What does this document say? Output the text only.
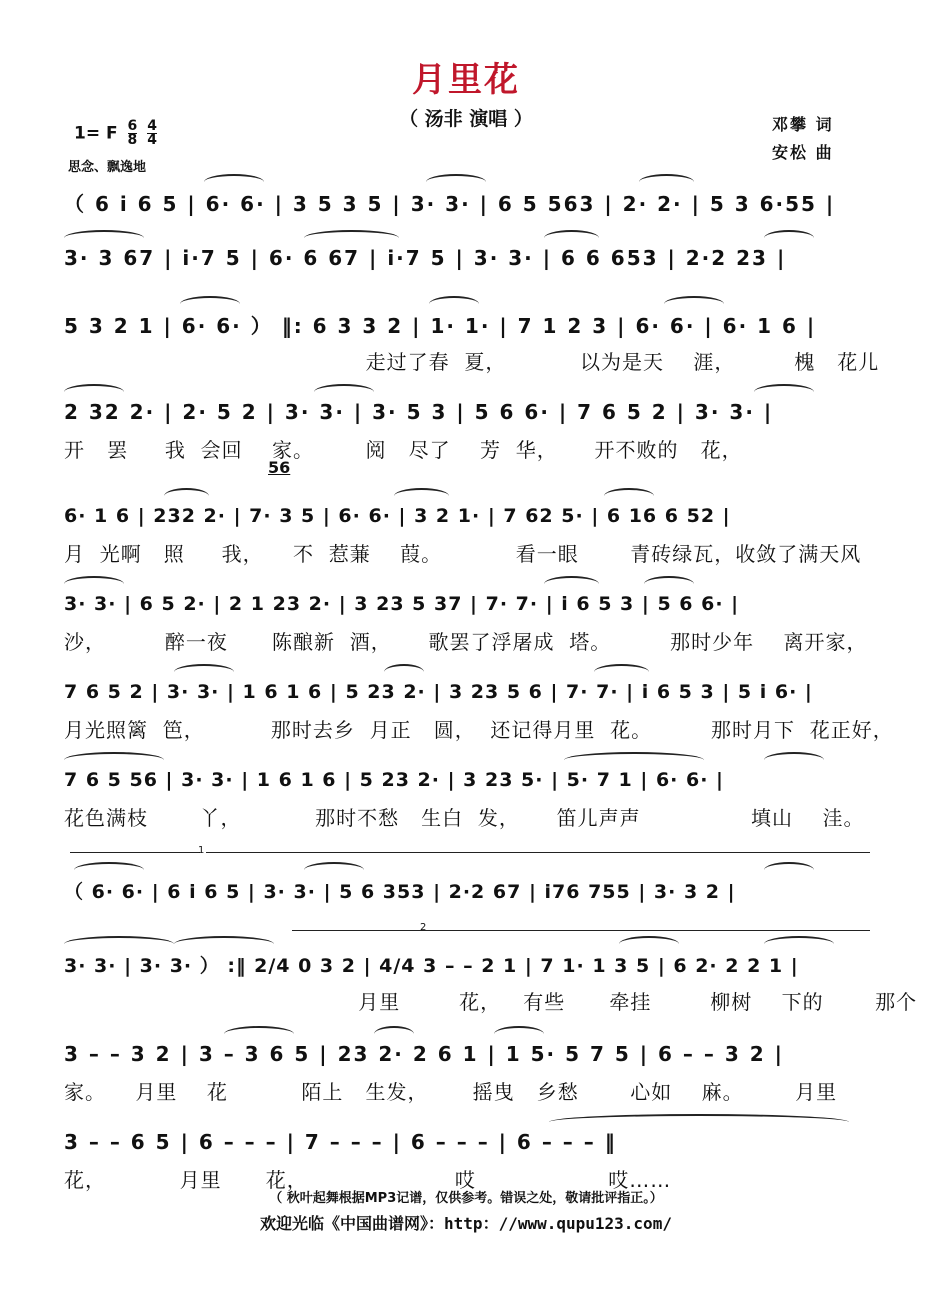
月里花
（ 汤非 演唱 ）	邓攀 词
安松 曲
1= F $\frac{6}{8} \frac{4}{4}$
思念、飘逸地
（ 6 i 6 5 | 6· 6· | 3 5 3 5 | 3· 3· | 6 5 563 | 2· 2· | 5 3 6·55 |
3· 3 67 | i·7 5 | 6· 6 67 | i·7 5 | 3· 3· | 6 6 653 | 2·2 23 |
5 3 2 1 | 6· 6· ） ‖: 6 3 3 2 | 1· 1· | 7 1 2 3 | 6· 6· | 6· 1 6 |
走过了春  夏，          以为是天    涯，        槐   花儿
2 32 2· | 2· 5 2 | 3· 3· | 3· 5 3 | 5 6 6· | 7 6 5 2 | 3· 3· |
开   罢     我  会回    家。       阅   尽了    芳  华，     开不败的   花，
56
6· 1 6 | 232 2· | 7· 3 5 | 6· 6· | 3 2 1· | 7 62 5· | 6 16 6 52 |
月  光啊   照     我，    不  惹蒹    葭。          看一眼       青砖绿瓦，收敛了满天风
3· 3· | 6 5 2· | 2 1 23 2· | 3 23 5 37 | 7· 7· | i 6 5 3 | 5 6 6· |
沙，        醉一夜      陈酿新  酒，     歌罢了浮屠成  塔。        那时少年    离开家，
7 6 5 2 | 3· 3· | 1 6 1 6 | 5 23 2· | 3 23 5 6 | 7· 7· | i 6 5 3 | 5 i 6· |
月光照篱  笆，         那时去乡  月正   圆，  还记得月里  花。        那时月下  花正好，
7 6 5 56 | 3· 3· | 1 6 1 6 | 5 23 2· | 3 23 5· | 5· 7 1 | 6· 6· |
花色满枝       丫，          那时不愁   生白  发，     笛儿声声               填山    洼。
1
（ 6· 6· | 6 i 6 5 | 3· 3· | 5 6 353 | 2·2 67 | i76 755 | 3· 3 2 |
2
3· 3· | 3· 3· ） :‖ 2/4 0 3 2 | 4/4 3 – – 2 1 | 7 1· 1 3 5 | 6 2· 2 2 1 |
月里        花，   有些      牵挂        柳树    下的       那个
3 – – 3 2 | 3 – 3 6 5 | 23 2· 2 6 1 | 1 5· 5 7 5 | 6 – – 3 2 |
家。    月里    花          陌上   生发，      摇曳   乡愁       心如    麻。       月里
3 – – 6 5 | 6 – – – | 7 – – – | 6 – – – | 6 – – – ‖
花，          月里      花，                    哎                  哎……
（ 秋叶起舞根据MP3记谱，仅供参考。错误之处，敬请批评指正。）
欢迎光临《中国曲谱网》：http：//www.qupu123.com/
